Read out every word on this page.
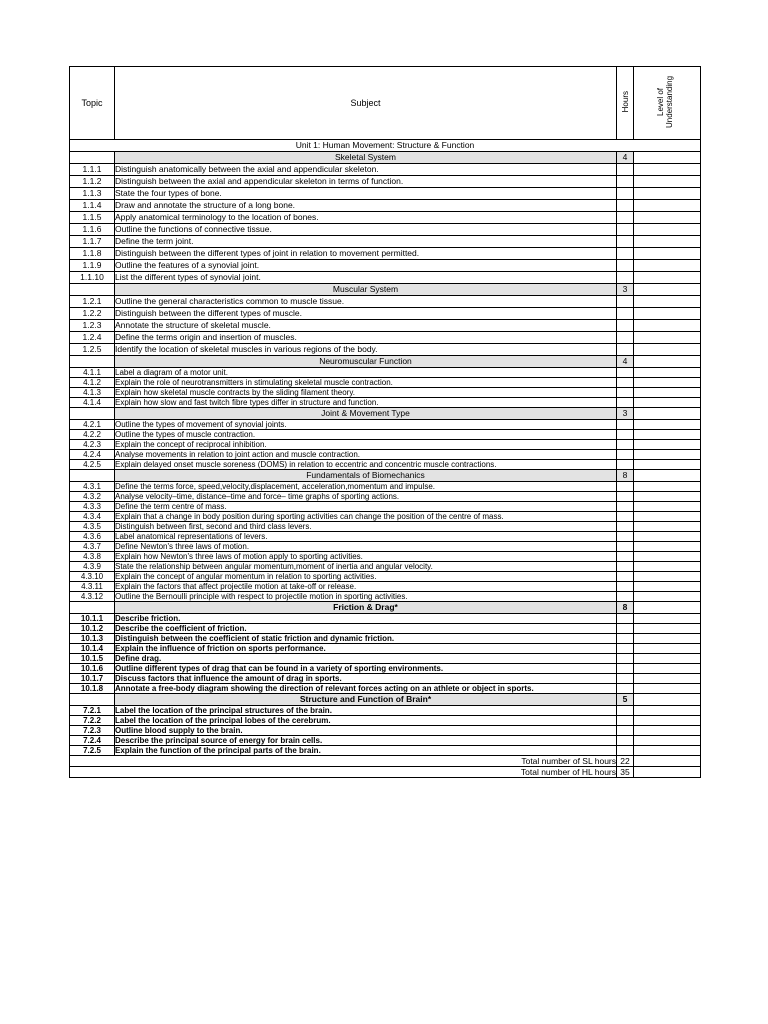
Topic	Subject	Hours	Level of Understanding
Unit 1: Human Movement: Structure & Function			
	Skeletal System	4	
1.1.1	Distinguish anatomically between the axial and appendicular skeleton.		
1.1.2	Distinguish between the axial and appendicular skeleton in terms of function.		
1.1.3	State the four types of bone.		
1.1.4	Draw and annotate the structure of a long bone.		
1.1.5	Apply anatomical terminology to the location of bones.		
1.1.6	Outline the functions of connective tissue.		
1.1.7	Define the term joint.		
1.1.8	Distinguish between the different types of joint in relation to movement permitted.		
1.1.9	Outline the features of a synovial joint.		
1.1.10	List the different types of synovial joint.		
	Muscular System	3	
1.2.1	Outline the general characteristics common to muscle tissue.		
1.2.2	Distinguish between the different types of muscle.		
1.2.3	Annotate the structure of skeletal muscle.		
1.2.4	Define the terms origin and insertion of muscles.		
1.2.5	Identify the location of skeletal muscles in various regions of the body.		
	Neuromuscular Function	4	
4.1.1	Label a diagram of a motor unit.		
4.1.2	Explain the role of neurotransmitters in stimulating skeletal muscle contraction.		
4.1.3	Explain how skeletal muscle contracts by the sliding filament theory.		
4.1.4	Explain how slow and fast twitch fibre types differ in structure and function.		
	Joint & Movement Type	3	
4.2.1	Outline the types of movement of synovial joints.		
4.2.2	Outline the types of muscle contraction.		
4.2.3	Explain the concept of reciprocal inhibition.		
4.2.4	Analyse movements in relation to joint action and muscle contraction.		
4.2.5	Explain delayed onset muscle soreness (DOMS) in relation to eccentric and concentric muscle contractions.		
	Fundamentals of Biomechanics	8	
4.3.1	Define the terms force, speed,velocity,displacement, acceleration,momentum and impulse.		
4.3.2	Analyse velocity–time, distance–time and force– time graphs of sporting actions.		
4.3.3	Define the term centre of mass.		
4.3.4	Explain that a change in body position during sporting activities can change the position of the centre of mass.		
4.3.5	Distinguish between first, second and third class levers.		
4.3.6	Label anatomical representations of levers.		
4.3.7	Define Newton's three laws of motion.		
4.3.8	Explain how Newton's three laws of motion apply to sporting activities.		
4.3.9	State the relationship between angular momentum,moment of inertia and angular velocity.		
4.3.10	Explain the concept of angular momentum in relation to sporting activities.		
4.3.11	Explain the factors that affect projectile motion at take-off or release.		
4.3.12	Outline the Bernoulli principle with respect to projectile motion in sporting activities.		
	Friction & Drag*	8	
10.1.1	Describe friction.		
10.1.2	Describe the coefficient of friction.		
10.1.3	Distinguish between the coefficient of static friction and dynamic friction.		
10.1.4	Explain the influence of friction on sports performance.		
10.1.5	Define drag.		
10.1.6	Outline different types of drag that can be found in a variety of sporting environments.		
10.1.7	Discuss factors that influence the amount of drag in sports.		
10.1.8	Annotate a free-body diagram showing the direction of relevant forces acting on an athlete or object in sports.		
	Structure and Function of Brain*	5	
7.2.1	Label the location of the principal structures of the brain.		
7.2.2	Label the location of the principal lobes of the cerebrum.		
7.2.3	Outline blood supply to the brain.		
7.2.4	Describe the principal source of energy for brain cells.		
7.2.5	Explain the function of the principal parts of the brain.		
Total number of SL hours		22	
Total number of HL hours		35	
